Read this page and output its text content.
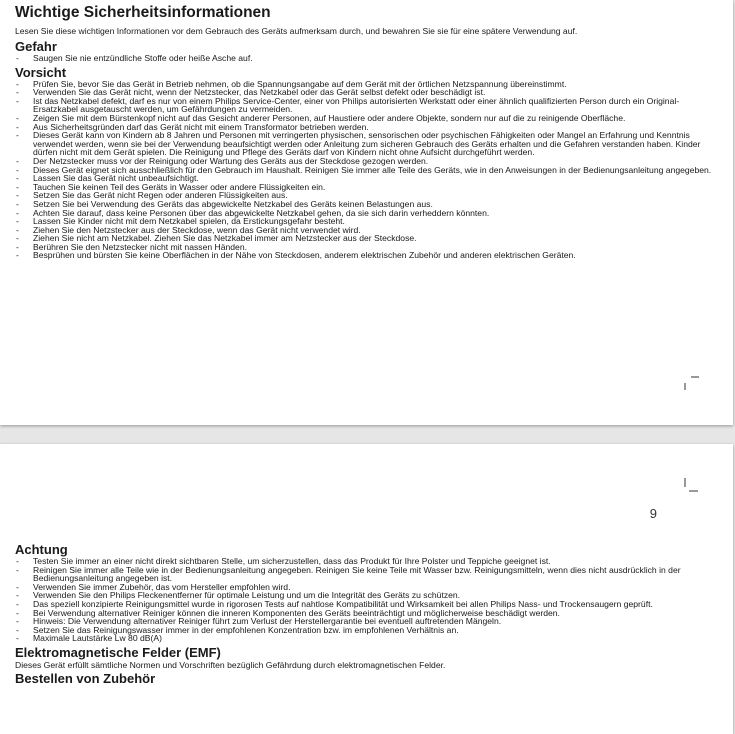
Wichtige Sicherheitsinformationen

Lesen Sie diese wichtigen Informationen vor dem Gebrauch des Geräts aufmerksam durch, und bewahren Sie sie für eine spätere Verwendung auf.

Gefahr
- Saugen Sie nie entzündliche Stoffe oder heiße Asche auf.
Vorsicht
- Prüfen Sie, bevor Sie das Gerät in Betrieb nehmen, ob die Spannungsangabe auf dem Gerät mit der örtlichen Netzspannung übereinstimmt.
- Verwenden Sie das Gerät nicht, wenn der Netzstecker, das Netzkabel oder das Gerät selbst defekt oder beschädigt ist.
- Ist das Netzkabel defekt, darf es nur von einem Philips Service-Center, einer von Philips autorisierten Werkstatt oder einer ähnlich qualifizierten Person durch ein Original-Ersatzkabel ausgetauscht werden, um Gefährdungen zu vermeiden.
- Zeigen Sie mit dem Bürstenkopf nicht auf das Gesicht anderer Personen, auf Haustiere oder andere Objekte, sondern nur auf die zu reinigende Oberfläche.
- Aus Sicherheitsgründen darf das Gerät nicht mit einem Transformator betrieben werden.
- Dieses Gerät kann von Kindern ab 8 Jahren und Personen mit verringerten physischen, sensorischen oder psychischen Fähigkeiten oder Mangel an Erfahrung und Kenntnis verwendet werden, wenn sie bei der Verwendung beaufsichtigt werden oder Anleitung zum sicheren Gebrauch des Geräts erhalten und die Gefahren verstanden haben. Kinder dürfen nicht mit dem Gerät spielen. Die Reinigung und Pflege des Geräts darf von Kindern nicht ohne Aufsicht durchgeführt werden.
- Der Netzstecker muss vor der Reinigung oder Wartung des Geräts aus der Steckdose gezogen werden.
- Dieses Gerät eignet sich ausschließlich für den Gebrauch im Haushalt. Reinigen Sie immer alle Teile des Geräts, wie in den Anweisungen in der Bedienungsanleitung angegeben.
- Lassen Sie das Gerät nicht unbeaufsichtigt.
- Tauchen Sie keinen Teil des Geräts in Wasser oder andere Flüssigkeiten ein.
- Setzen Sie das Gerät nicht Regen oder anderen Flüssigkeiten aus.
- Setzen Sie bei Verwendung des Geräts das abgewickelte Netzkabel des Geräts keinen Belastungen aus.
- Achten Sie darauf, dass keine Personen über das abgewickelte Netzkabel gehen, da sie sich darin verheddern könnten.
- Lassen Sie Kinder nicht mit dem Netzkabel spielen, da Erstickungsgefahr besteht.
- Ziehen Sie den Netzstecker aus der Steckdose, wenn das Gerät nicht verwendet wird.
- Ziehen Sie nicht am Netzkabel. Ziehen Sie das Netzkabel immer am Netzstecker aus der Steckdose.
- Berühren Sie den Netzstecker nicht mit nassen Händen.
- Besprühen und bürsten Sie keine Oberflächen in der Nähe von Steckdosen, anderem elektrischen Zubehör und anderen elektrischen Geräten.
9
Achtung
- Testen Sie immer an einer nicht direkt sichtbaren Stelle, um sicherzustellen, dass das Produkt für Ihre Polster und Teppiche geeignet ist.
- Reinigen Sie immer alle Teile wie in der Bedienungsanleitung angegeben. Reinigen Sie keine Teile mit Wasser bzw. Reinigungsmitteln, wenn dies nicht ausdrücklich in der Bedienungsanleitung angegeben ist.
- Verwenden Sie immer Zubehör, das vom Hersteller empfohlen wird.
- Verwenden Sie den Philips Fleckenentferner für optimale Leistung und um die Integrität des Geräts zu schützen.
- Das speziell konzipierte Reinigungsmittel wurde in rigorosen Tests auf nahtlose Kompatibilität und Wirksamkeit bei allen Philips Nass- und Trockensaugern geprüft.
- Bei Verwendung alternativer Reiniger können die inneren Komponenten des Geräts beeinträchtigt und möglicherweise beschädigt werden.
- Hinweis: Die Verwendung alternativer Reiniger führt zum Verlust der Herstellergarantie bei eventuell auftretenden Mängeln.
- Setzen Sie das Reinigungswasser immer in der empfohlenen Konzentration bzw. im empfohlenen Verhältnis an.
- Maximale Lautstärke Lw 80 dB(A)
Elektromagnetische Felder (EMF)

Dieses Gerät erfüllt sämtliche Normen und Vorschriften bezüglich Gefährdung durch elektromagnetischen Felder.

Bestellen von Zubehör
